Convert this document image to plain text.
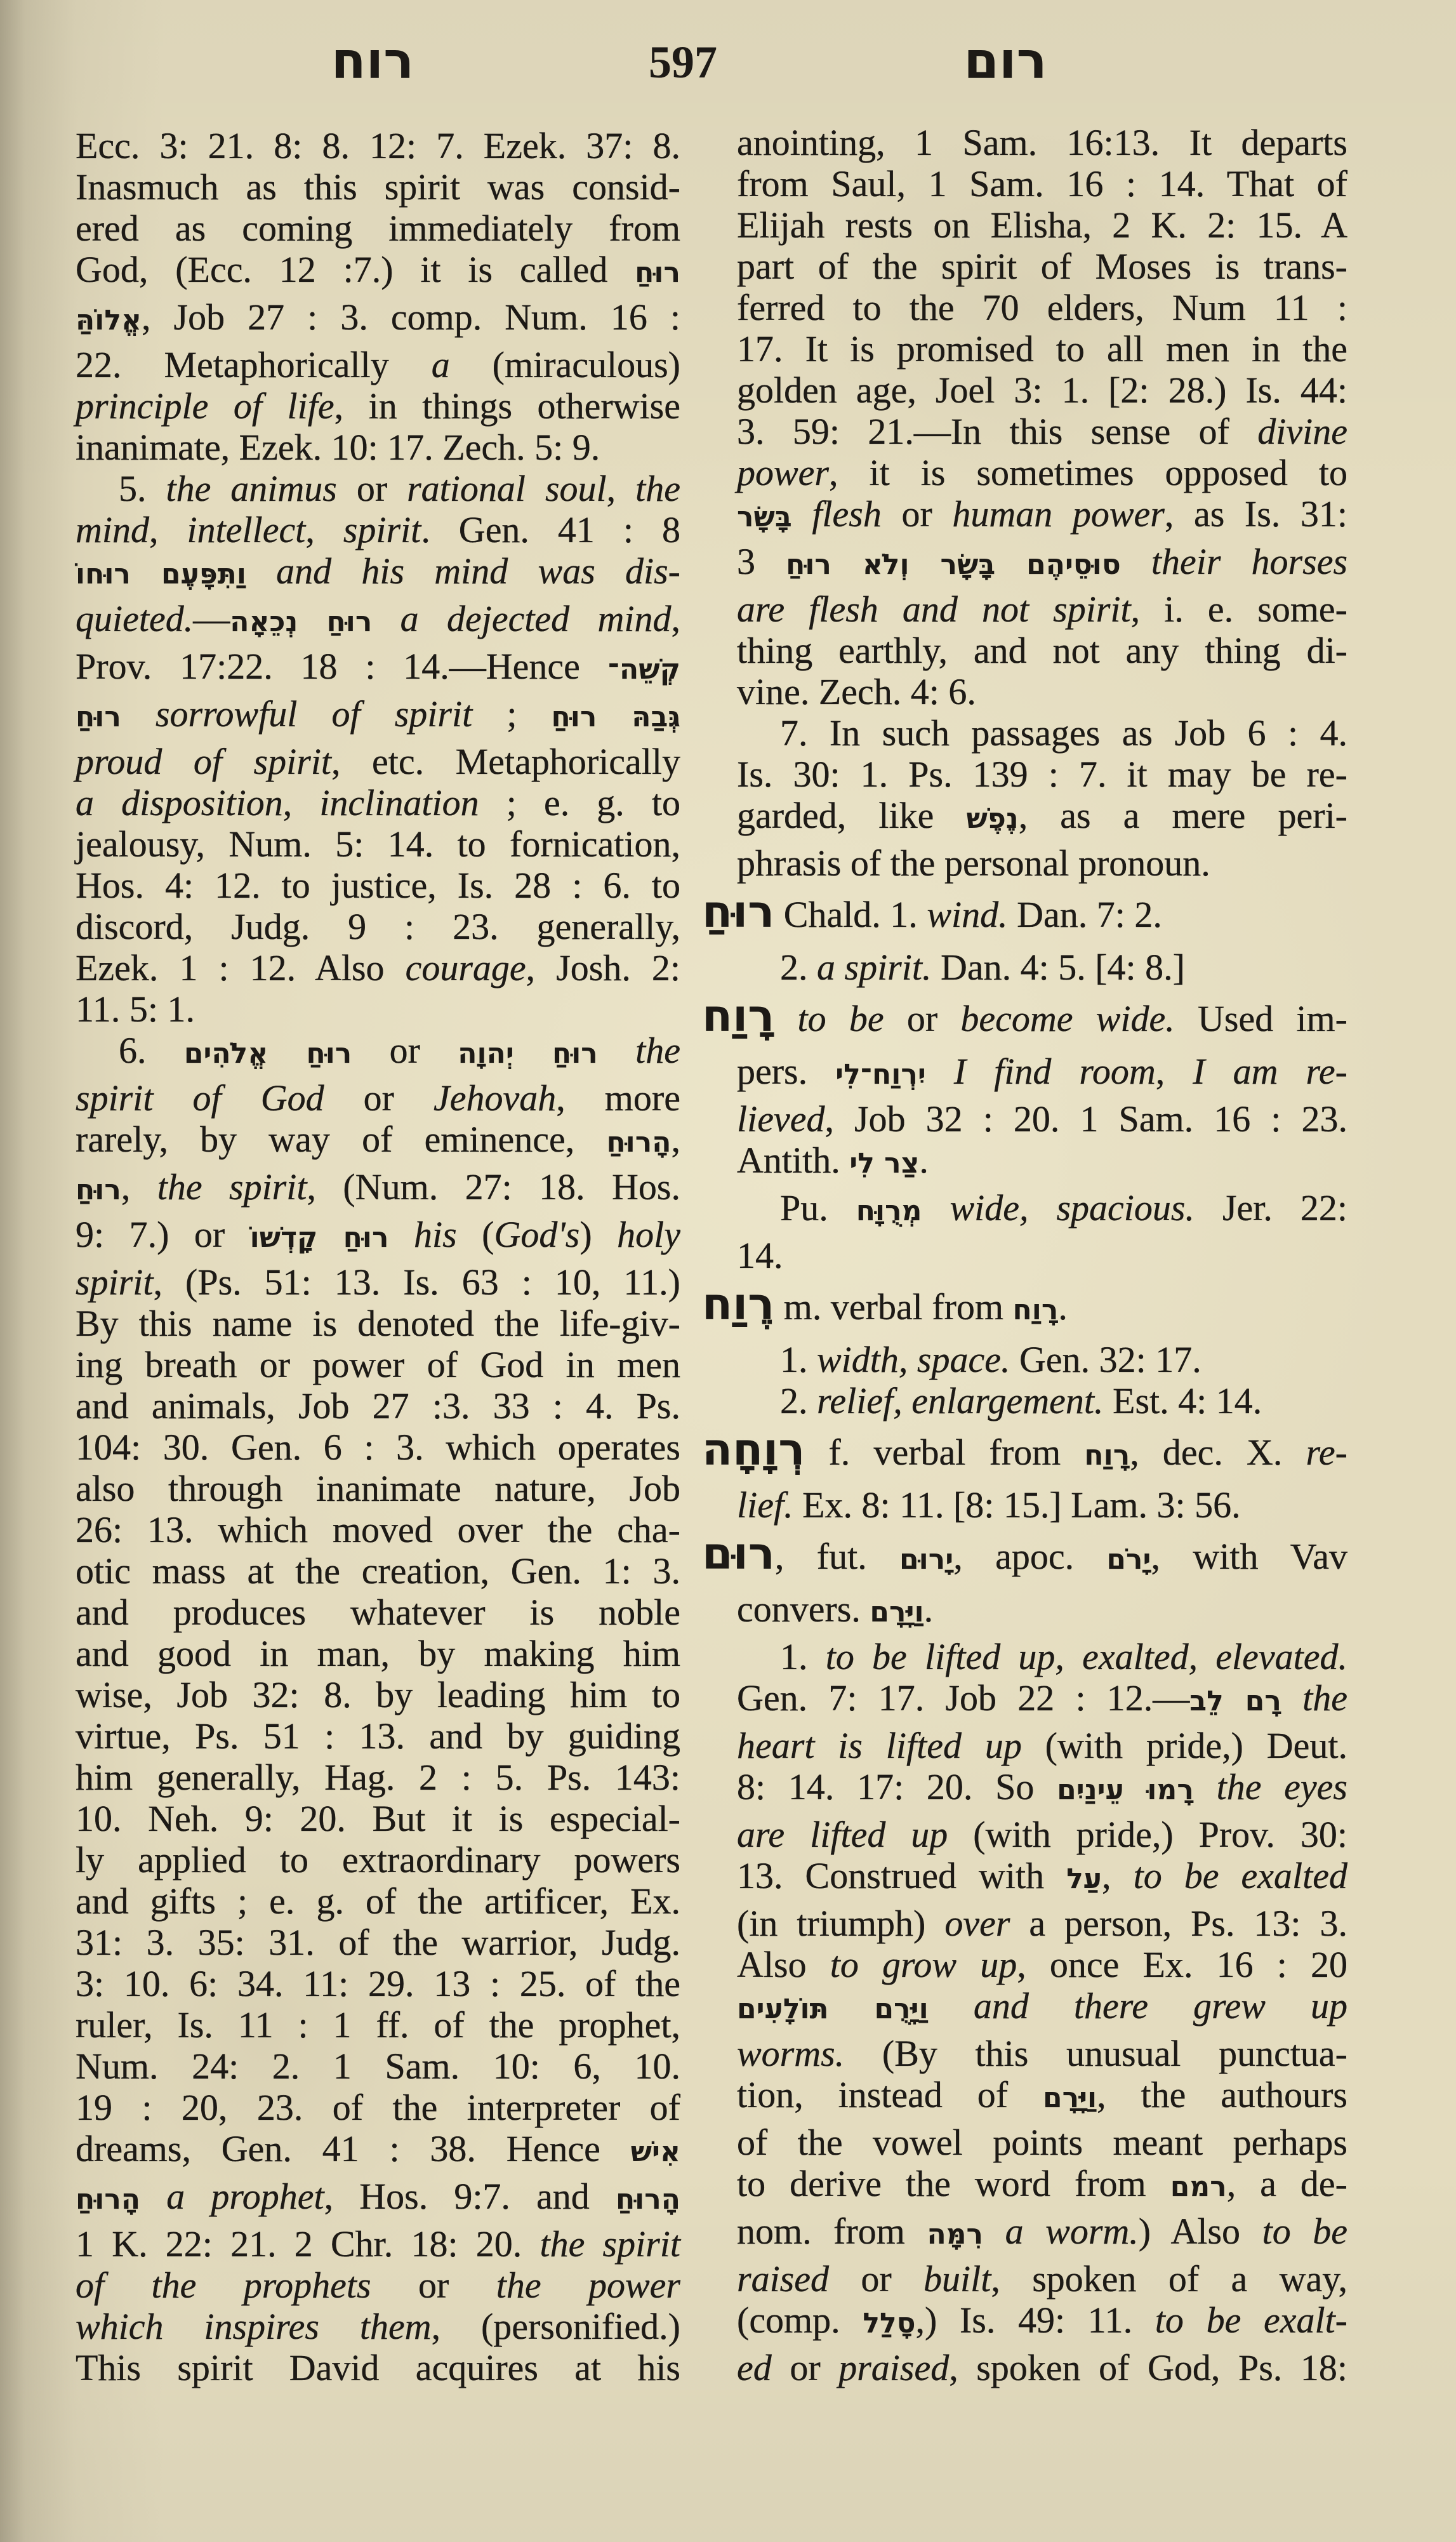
רוח	597	רום
Ecc. 3: 21. 8: 8. 12: 7. Ezek. 37: 8.
Inasmuch as this spirit was consid-
ered as coming immediately from
God, (Ecc. 12 :7.) it is called רוּחַ
אֱלוֹהַּ, Job 27 : 3. comp. Num. 16 :
22. Metaphorically a (miraculous)
principle of life, in things otherwise
inanimate, Ezek. 10: 17. Zech. 5: 9.
5. the animus or rational soul, the
mind, intellect, spirit. Gen. 41 : 8
וַתִּפָּעֶם רוּחוֹ and his mind was dis-
quieted.—רוּחַ נְכֵאָה a dejected mind,
Prov. 17:22. 18 : 14.—Hence קְשֵׁה־
רוּחַ sorrowful of spirit ; גְּבַהּ רוּחַ
proud of spirit, etc. Metaphorically
a disposition, inclination ; e. g. to
jealousy, Num. 5: 14. to fornication,
Hos. 4: 12. to justice, Is. 28 : 6. to
discord, Judg. 9 : 23. generally,
Ezek. 1 : 12. Also courage, Josh. 2:
11. 5: 1.
6. רוּחַ אֱלֹהִים or רוּחַ יְהוָה the
spirit of God or Jehovah, more
rarely, by way of eminence, הָרוּחַ,
רוּחַ, the spirit, (Num. 27: 18. Hos.
9: 7.) or רוּחַ קָדְשׁוֹ his (God's) holy
spirit, (Ps. 51: 13. Is. 63 : 10, 11.)
By this name is denoted the life-giv-
ing breath or power of God in men
and animals, Job 27 :3. 33 : 4. Ps.
104: 30. Gen. 6 : 3. which operates
also through inanimate nature, Job
26: 13. which moved over the cha-
otic mass at the creation, Gen. 1: 3.
and produces whatever is noble
and good in man, by making him
wise, Job 32: 8. by leading him to
virtue, Ps. 51 : 13. and by guiding
him generally, Hag. 2 : 5. Ps. 143:
10. Neh. 9: 20. But it is especial-
ly applied to extraordinary powers
and gifts ; e. g. of the artificer, Ex.
31: 3. 35: 31. of the warrior, Judg.
3: 10. 6: 34. 11: 29. 13 : 25. of the
ruler, Is. 11 : 1 ff. of the prophet,
Num. 24: 2. 1 Sam. 10: 6, 10.
19 : 20, 23. of the interpreter of
dreams, Gen. 41 : 38. Hence אִישׁ
הָרוּחַ a prophet, Hos. 9:7. and הָרוּחַ
1 K. 22: 21. 2 Chr. 18: 20. the spirit
of the prophets or the power
which inspires them, (personified.)
This spirit David acquires at his
anointing, 1 Sam. 16:13. It departs
from Saul, 1 Sam. 16 : 14. That of
Elijah rests on Elisha, 2 K. 2: 15. A
part of the spirit of Moses is trans-
ferred to the 70 elders, Num 11 :
17. It is promised to all men in the
golden age, Joel 3: 1. [2: 28.) Is. 44:
3. 59: 21.—In this sense of divine
power, it is sometimes opposed to
בָּשָׂר flesh or human power, as Is. 31:
3 סוּסֵיהֶם בָּשָׂר וְלֹא רוּחַ their horses
are flesh and not spirit, i. e. some-
thing earthly, and not any thing di-
vine. Zech. 4: 6.
7. In such passages as Job 6 : 4.
Is. 30: 1. Ps. 139 : 7. it may be re-
garded, like נֶפֶשׁ, as a mere peri-
phrasis of the personal pronoun.
רוּחַ Chald. 1. wind. Dan. 7: 2.
2. a spirit. Dan. 4: 5. [4: 8.]
רָוַח to be or become wide. Used im-
pers. יִרְוַח־לִי I find room, I am re-
lieved, Job 32 : 20. 1 Sam. 16 : 23.
Antith. צַר לִי.
Pu. מְרֻוָּח wide, spacious. Jer. 22:
14.
רֶוַח m. verbal from רָוַח.
1. width, space. Gen. 32: 17.
2. relief, enlargement. Est. 4: 14.
רְוָחָה f. verbal from רָוַח, dec. X. re-
lief. Ex. 8: 11. [8: 15.] Lam. 3: 56.
רוּם, fut. יָרוּם, apoc. יָרֹם, with Vav
convers. וַיָּרָם.
1. to be lifted up, exalted, elevated.
Gen. 7: 17. Job 22 : 12.—רָם לֵב the
heart is lifted up (with pride,) Deut.
8: 14. 17: 20. So רָמוּ עֵינַיִם the eyes
are lifted up (with pride,) Prov. 30:
13. Construed with עַל, to be exalted
(in triumph) over a person, Ps. 13: 3.
Also to grow up, once Ex. 16 : 20
וַיָּרֻם תּוֹלָעִים and there grew up
worms. (By this unusual punctua-
tion, instead of וַיָּרָם, the authours
of the vowel points meant perhaps
to derive the word from רמם, a de-
nom. from רִמָּה a worm.) Also to be
raised or built, spoken of a way,
(comp. סָלַל,) Is. 49: 11. to be exalt-
ed or praised, spoken of God, Ps. 18:
